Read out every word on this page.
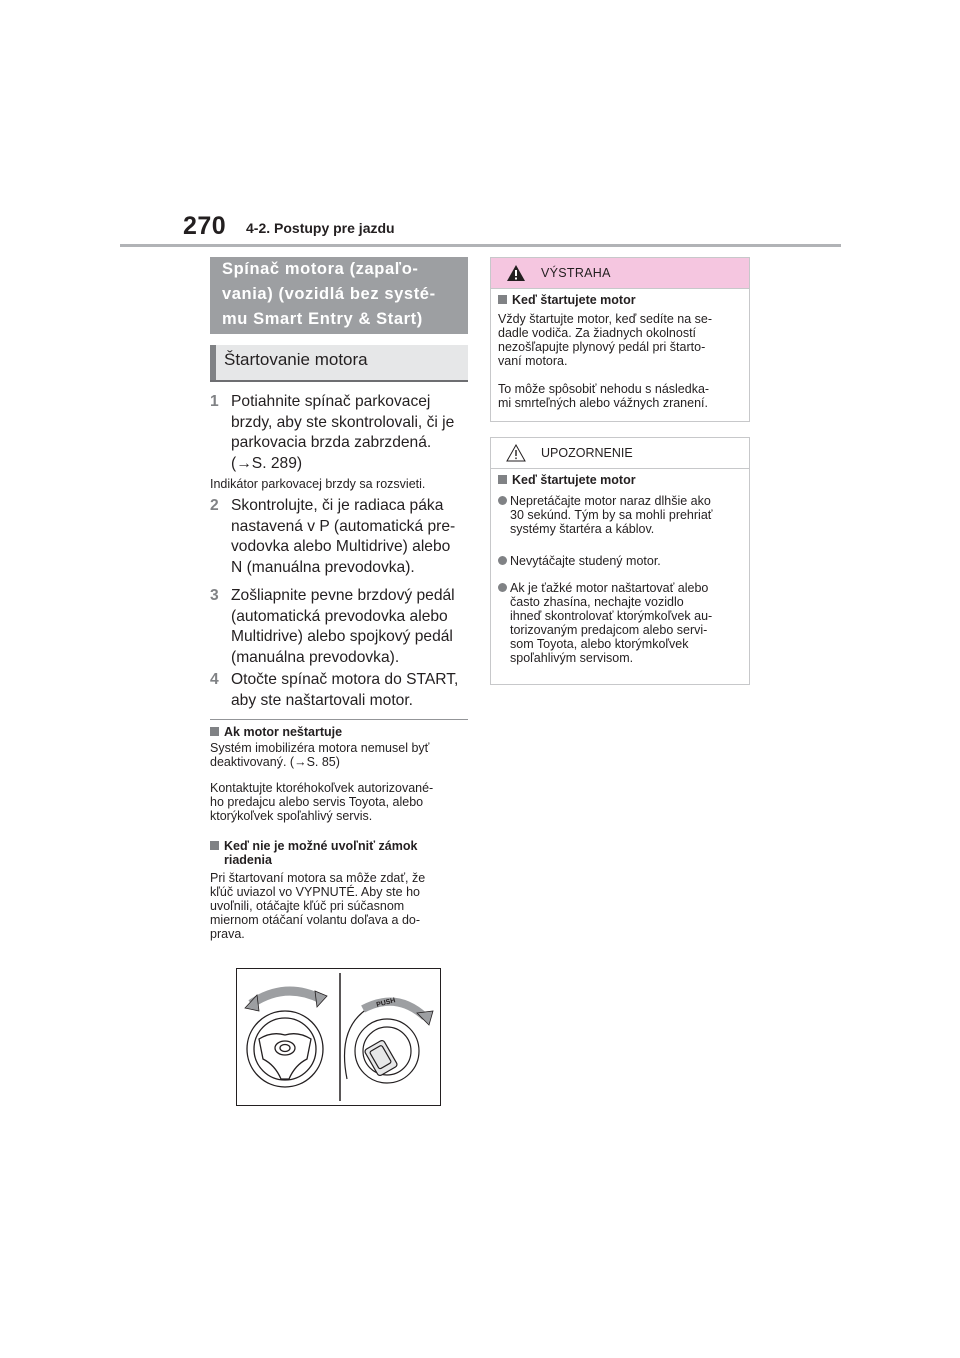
270 4-2. Postupy pre jazdu
Spínač motora (zapaľo-
vania) (vozidlá bez systé-
mu Smart Entry & Start)
Štartovanie motora
1 Potiahnite spínač parkovacej
brzdy, aby ste skontrolovali, či je
parkovacia brzda zabrzdená.
(→S. 289)
Indikátor parkovacej brzdy sa rozsvieti.
2 Skontrolujte, či je radiaca páka
nastavená v P (automatická pre-
vodovka alebo Multidrive) alebo
N (manuálna prevodovka).
3 Zošliapnite pevne brzdový pedál
(automatická prevodovka alebo
Multidrive) alebo spojkový pedál
(manuálna prevodovka).
4 Otočte spínač motora do START,
aby ste naštartovali motor.
Ak motor neštartuje
Systém imobilizéra motora nemusel byť
deaktivovaný. (→S. 85)
Kontaktujte ktoréhokoľvek autorizované-
ho predajcu alebo servis Toyota, alebo
ktorýkoľvek spoľahlivý servis.
Keď nie je možné uvoľniť zámok
riadenia
Pri štartovaní motora sa môže zdať, že
kľúč uviazol vo VYPNUTÉ. Aby ste ho
uvoľnili, otáčajte kľúč pri súčasnom
miernom otáčaní volantu doľava a do-
prava.
PUSH
VÝSTRAHA
Keď štartujete motor
Vždy štartujte motor, keď sedíte na se-
dadle vodiča. Za žiadnych okolností
nezošľapujte plynový pedál pri štarto-
vaní motora.
To môže spôsobiť nehodu s následka-
mi smrteľných alebo vážnych zranení.
UPOZORNENIE
Keď štartujete motor
Nepretáčajte motor naraz dlhšie ako
30 sekúnd. Tým by sa mohli prehriať
systémy štartéra a káblov.
Nevytáčajte studený motor.
Ak je ťažké motor naštartovať alebo
často zhasína, nechajte vozidlo
ihneď skontrolovať ktorýmkoľvek au-
torizovaným predajcom alebo servi-
som Toyota, alebo ktorýmkoľvek
spoľahlivým servisom.
